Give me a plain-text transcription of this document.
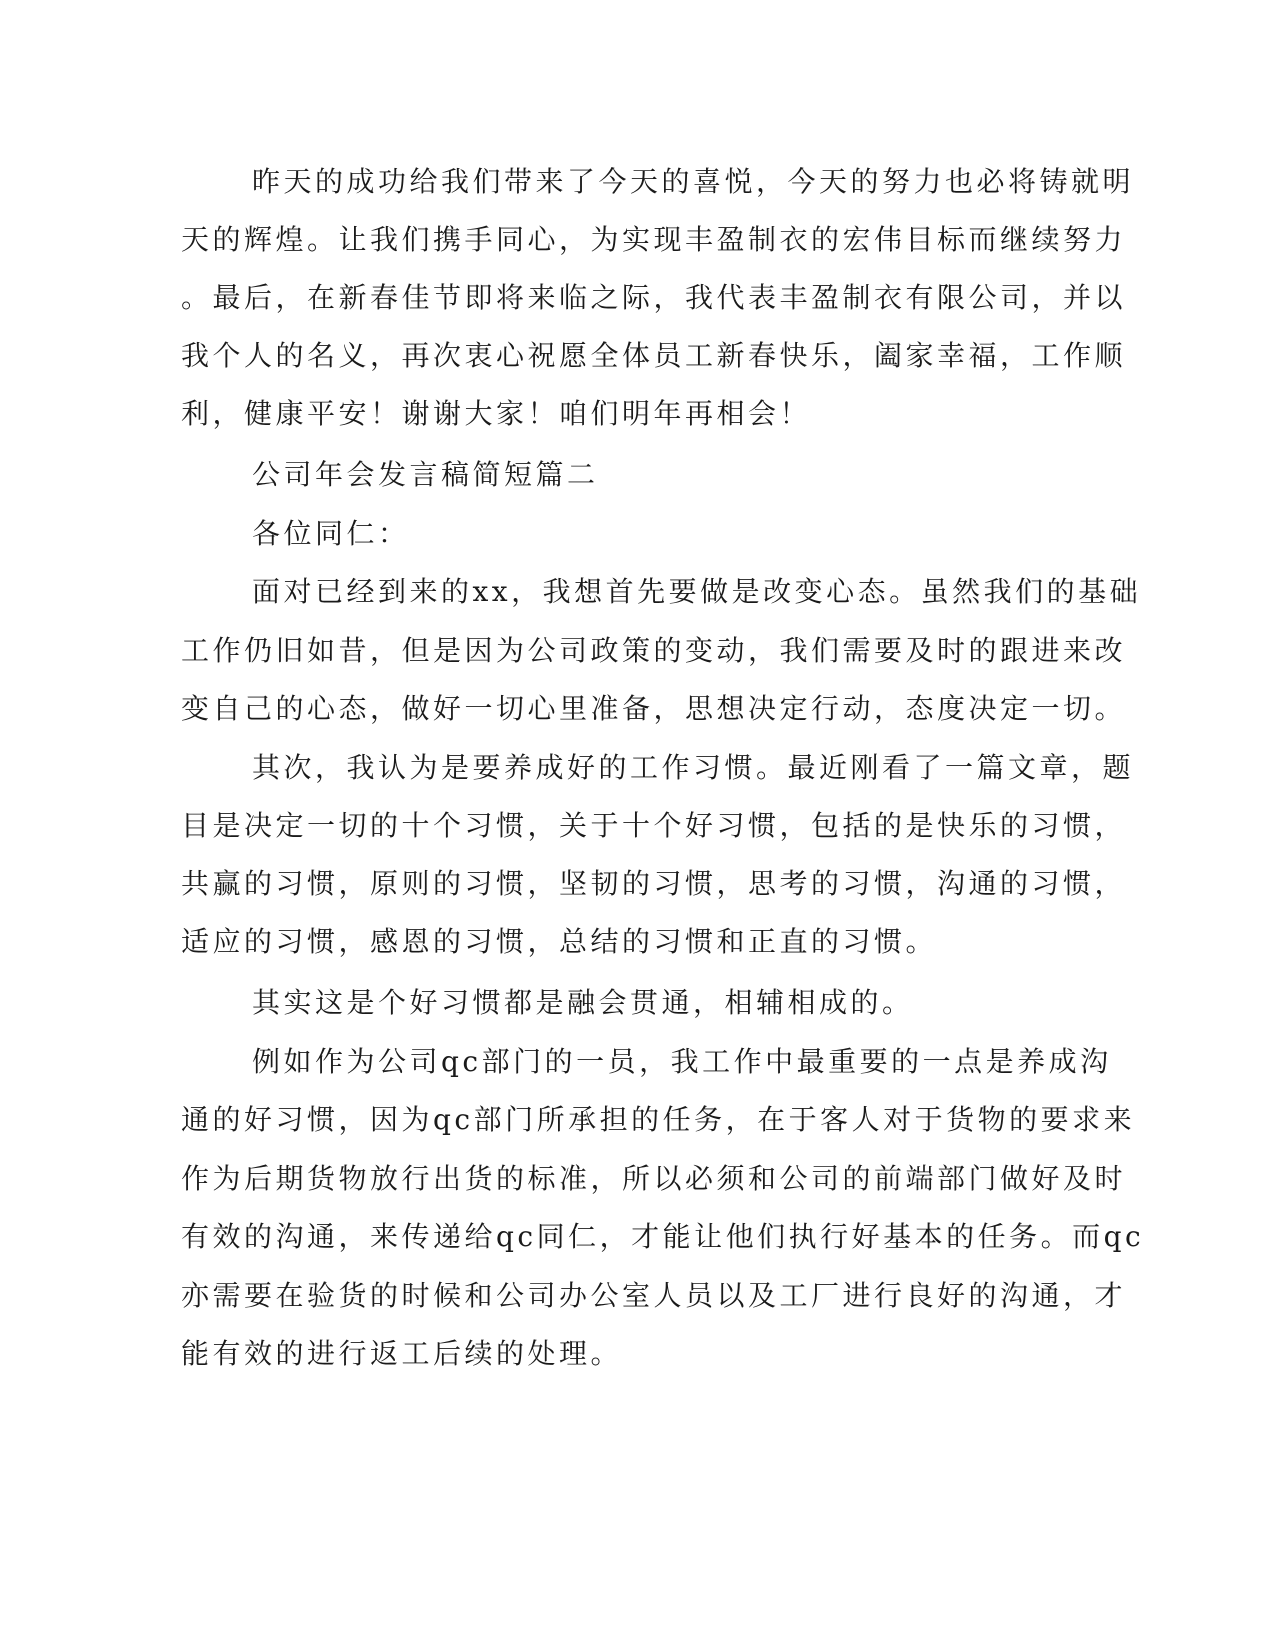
昨天的成功给我们带来了今天的喜悦，今天的努力也必将铸就明
天的辉煌。让我们携手同心，为实现丰盈制衣的宏伟目标而继续努力
。最后，在新春佳节即将来临之际，我代表丰盈制衣有限公司，并以
我个人的名义，再次衷心祝愿全体员工新春快乐，阖家幸福，工作顺
利，健康平安！谢谢大家！咱们明年再相会！
公司年会发言稿简短篇二
各位同仁：
面对已经到来的xx，我想首先要做是改变心态。虽然我们的基础
工作仍旧如昔，但是因为公司政策的变动，我们需要及时的跟进来改
变自己的心态，做好一切心里准备，思想决定行动，态度决定一切。
其次，我认为是要养成好的工作习惯。最近刚看了一篇文章，题
目是决定一切的十个习惯，关于十个好习惯，包括的是快乐的习惯，
共赢的习惯，原则的习惯，坚韧的习惯，思考的习惯，沟通的习惯，
适应的习惯，感恩的习惯，总结的习惯和正直的习惯。
其实这是个好习惯都是融会贯通，相辅相成的。
例如作为公司qc部门的一员，我工作中最重要的一点是养成沟
通的好习惯，因为qc部门所承担的任务，在于客人对于货物的要求来
作为后期货物放行出货的标准，所以必须和公司的前端部门做好及时
有效的沟通，来传递给qc同仁，才能让他们执行好基本的任务。而qc
亦需要在验货的时候和公司办公室人员以及工厂进行良好的沟通，才
能有效的进行返工后续的处理。
